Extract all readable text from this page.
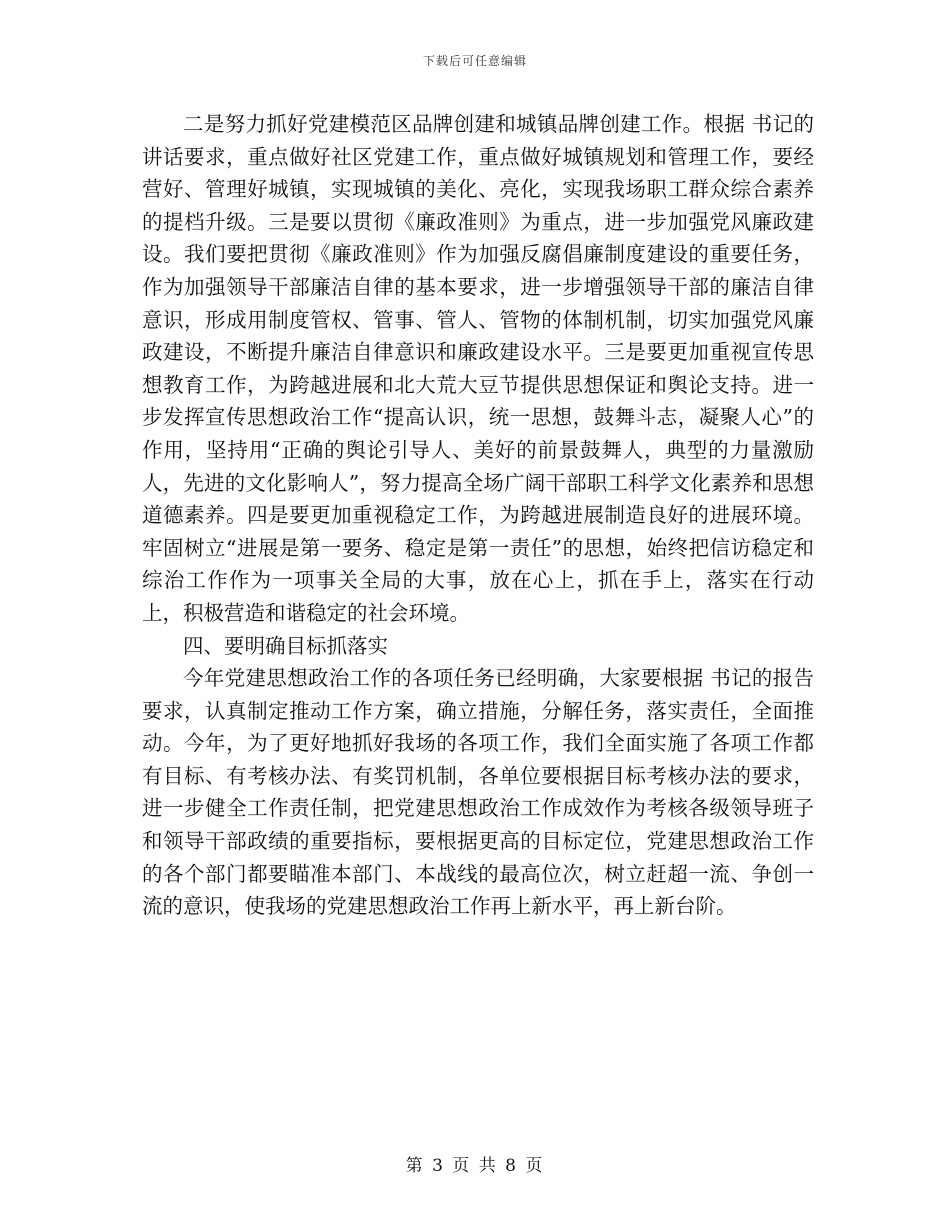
下载后可任意编辑

二是努力抓好党建模范区品牌创建和城镇品牌创建工作。根据 书记的讲话要求，重点做好社区党建工作，重点做好城镇规划和管理工作，要经营好、管理好城镇，实现城镇的美化、亮化，实现我场职工群众综合素养的提档升级。三是要以贯彻《廉政准则》为重点，进一步加强党风廉政建设。我们要把贯彻《廉政准则》作为加强反腐倡廉制度建设的重要任务，作为加强领导干部廉洁自律的基本要求，进一步增强领导干部的廉洁自律意识，形成用制度管权、管事、管人、管物的体制机制，切实加强党风廉政建设，不断提升廉洁自律意识和廉政建设水平。三是要更加重视宣传思想教育工作，为跨越进展和北大荒大豆节提供思想保证和舆论支持。进一步发挥宣传思想政治工作“提高认识，统一思想，鼓舞斗志，凝聚人心”的作用，坚持用“正确的舆论引导人、美好的前景鼓舞人，典型的力量激励人，先进的文化影响人”，努力提高全场广阔干部职工科学文化素养和思想道德素养。四是要更加重视稳定工作，为跨越进展制造良好的进展环境。牢固树立“进展是第一要务、稳定是第一责任”的思想，始终把信访稳定和综治工作作为一项事关全局的大事，放在心上，抓在手上，落实在行动上，积极营造和谐稳定的社会环境。

四、要明确目标抓落实

今年党建思想政治工作的各项任务已经明确，大家要根据 书记的报告要求，认真制定推动工作方案，确立措施，分解任务，落实责任，全面推动。今年，为了更好地抓好我场的各项工作，我们全面实施了各项工作都有目标、有考核办法、有奖罚机制，各单位要根据目标考核办法的要求，进一步健全工作责任制，把党建思想政治工作成效作为考核各级领导班子和领导干部政绩的重要指标，要根据更高的目标定位，党建思想政治工作的各个部门都要瞄准本部门、本战线的最高位次，树立赶超一流、争创一流的意识，使我场的党建思想政治工作再上新水平，再上新台阶。

第 3 页 共 8 页
